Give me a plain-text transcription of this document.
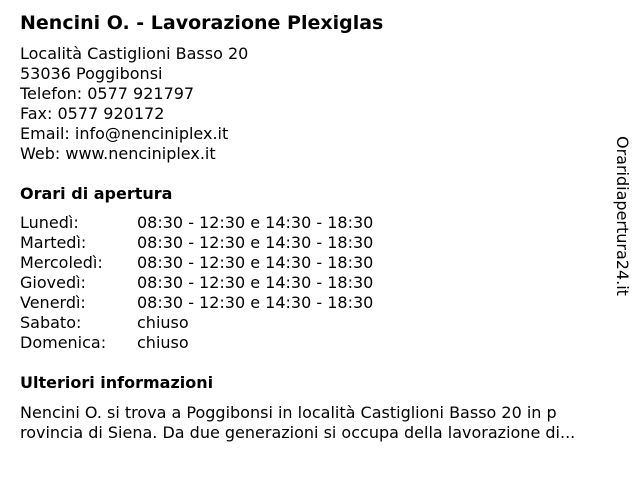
Nencini O. - Lavorazione Plexiglas
Località Castiglioni Basso 20
53036 Poggibonsi
Telefon: 0577 921797
Fax: 0577 920172
Email: info@nenciniplex.it
Web: www.nenciniplex.it
Orari di apertura
Lunedì:	08:30 - 12:30 e 14:30 - 18:30
Martedì:	08:30 - 12:30 e 14:30 - 18:30
Mercoledì:	08:30 - 12:30 e 14:30 - 18:30
Giovedì:	08:30 - 12:30 e 14:30 - 18:30
Venerdì:	08:30 - 12:30 e 14:30 - 18:30
Sabato:	chiuso
Domenica:	chiuso
Ulteriori informazioni
Nencini O. si trova a Poggibonsi in località Castiglioni Basso 20 in p
rovincia di Siena. Da due generazioni si occupa della lavorazione di...
Oraridiapertura24.it
